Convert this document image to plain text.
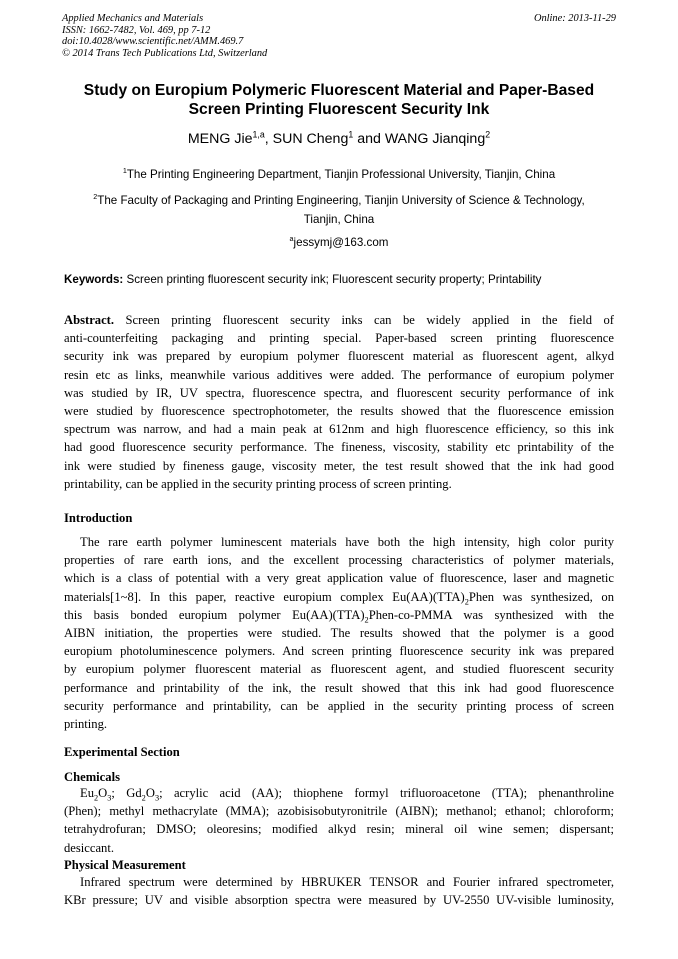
Applied Mechanics and Materials
ISSN: 1662-7482, Vol. 469, pp 7-12
doi:10.4028/www.scientific.net/AMM.469.7
© 2014 Trans Tech Publications Ltd, Switzerland
Online: 2013-11-29
Study on Europium Polymeric Fluorescent Material and Paper-Based
Screen Printing Fluorescent Security Ink
MENG Jie$^{1,a}$, SUN Cheng$^1$ and WANG Jianqing$^2$
$^1$The Printing Engineering Department, Tianjin Professional University, Tianjin, China
$^2$The Faculty of Packaging and Printing Engineering, Tianjin University of Science & Technology,
Tianjin, China
$^a$jessymj@163.com
Keywords: Screen printing fluorescent security ink; Fluorescent security property; Printability
Abstract. Screen printing fluorescent security inks can be widely applied in the field of
anti-counterfeiting packaging and printing special. Paper-based screen printing fluorescence
security ink was prepared by europium polymer fluorescent material as fluorescent agent, alkyd
resin etc as links, meanwhile various additives were added. The performance of europium polymer
was studied by IR, UV spectra, fluorescence spectra, and fluorescent security performance of ink
were studied by fluorescence spectrophotometer, the results showed that the fluorescence emission
spectrum was narrow, and had a main peak at 612nm and high fluorescence efficiency, so this ink
had good fluorescence security performance. The fineness, viscosity, stability etc printability of the
ink were studied by fineness gauge, viscosity meter, the test result showed that the ink had good
printability, can be applied in the security printing process of screen printing.
Introduction
The rare earth polymer luminescent materials have both the high intensity, high color purity
properties of rare earth ions, and the excellent processing characteristics of polymer materials,
which is a class of potential with a very great application value of fluorescence, laser and magnetic
materials[1~8]. In this paper, reactive europium complex $Eu(AA)(TTA)_2Phen$ was synthesized, on
this basis bonded europium polymer $Eu(AA)(TTA)_2Phen-co$-PMMA was synthesized with the
AIBN initiation, the properties were studied. The results showed that the polymer is a good
europium photoluminescence polymers. And screen printing fluorescence security ink was prepared
by europium polymer fluorescent material as fluorescent agent, and studied fluorescent security
performance and printability of the ink, the result showed that this ink had good fluorescence
security performance and printability, can be applied in the security printing process of screen
printing.
Experimental Section
Chemicals
$Eu_2O_3$; $Gd_2O_3$; acrylic acid (AA); thiophene formyl trifluoroacetone (TTA); phenanthroline
(Phen); methyl methacrylate (MMA); azobisisobutyronitrile (AIBN); methanol; ethanol; chloroform;
tetrahydrofuran; DMSO; oleoresins; modified alkyd resin; mineral oil wine semen; dispersant;
desiccant.
Physical Measurement
Infrared spectrum were determined by HBRUKER TENSOR and Fourier infrared spectrometer,
KBr pressure; UV and visible absorption spectra were measured by UV-2550 UV-visible luminosity,
